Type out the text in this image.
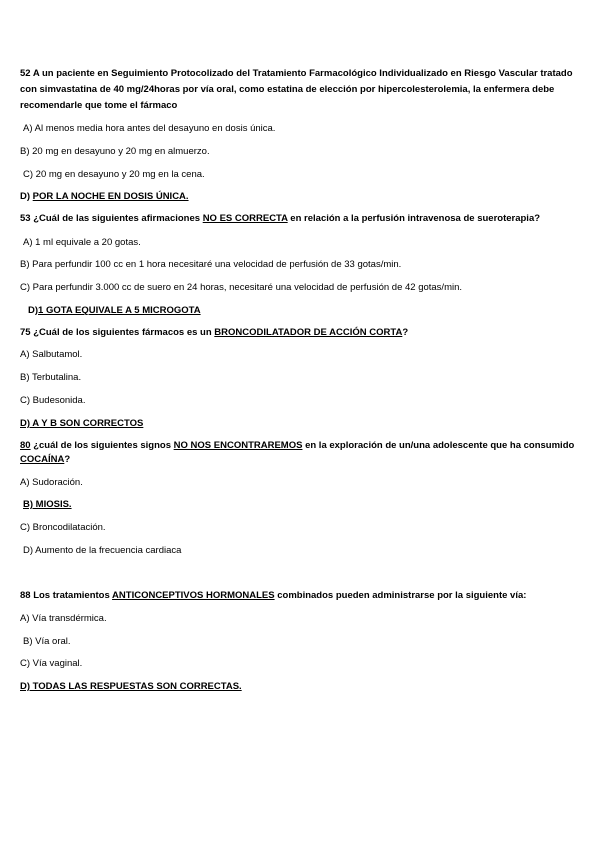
52 A un paciente en Seguimiento Protocolizado del Tratamiento Farmacológico Individualizado en Riesgo Vascular tratado
con simvastatina de 40 mg/24horas por vía oral, como estatina de elección por hipercolesterolemia, la enfermera debe
recomendarle que tome el fármaco
A) Al menos media hora antes del desayuno en dosis única.
B) 20 mg en desayuno y 20 mg en almuerzo.
C) 20 mg en desayuno y 20 mg en la cena.
D) POR LA NOCHE EN DOSIS ÚNICA.
53 ¿Cuál de las siguientes afirmaciones NO ES CORRECTA en relación a la perfusión intravenosa de sueroterapia?
A) 1 ml equivale a 20 gotas.
B) Para perfundir 100 cc en 1 hora necesitaré una velocidad de perfusión de 33 gotas/min.
C) Para perfundir 3.000 cc de suero en 24 horas, necesitaré una velocidad de perfusión de 42 gotas/min.
D)1 GOTA EQUIVALE A 5 MICROGOTA
75 ¿Cuál de los siguientes fármacos es un BRONCODILATADOR DE ACCIÓN CORTA?
A) Salbutamol.
B) Terbutalina.
C) Budesonida.
D) A Y B SON CORRECTOS
80 ¿cuál de los siguientes signos NO NOS ENCONTRAREMOS en la exploración de un/una adolescente que ha consumido
COCAÍNA?
A) Sudoración.
B) MIOSIS.
C) Broncodilatación.
D) Aumento de la frecuencia cardiaca
88 Los tratamientos ANTICONCEPTIVOS HORMONALES combinados pueden administrarse por la siguiente vía:
A) Vía transdérmica.
B) Vía oral.
C) Vía vaginal.
D) TODAS LAS RESPUESTAS SON CORRECTAS.
